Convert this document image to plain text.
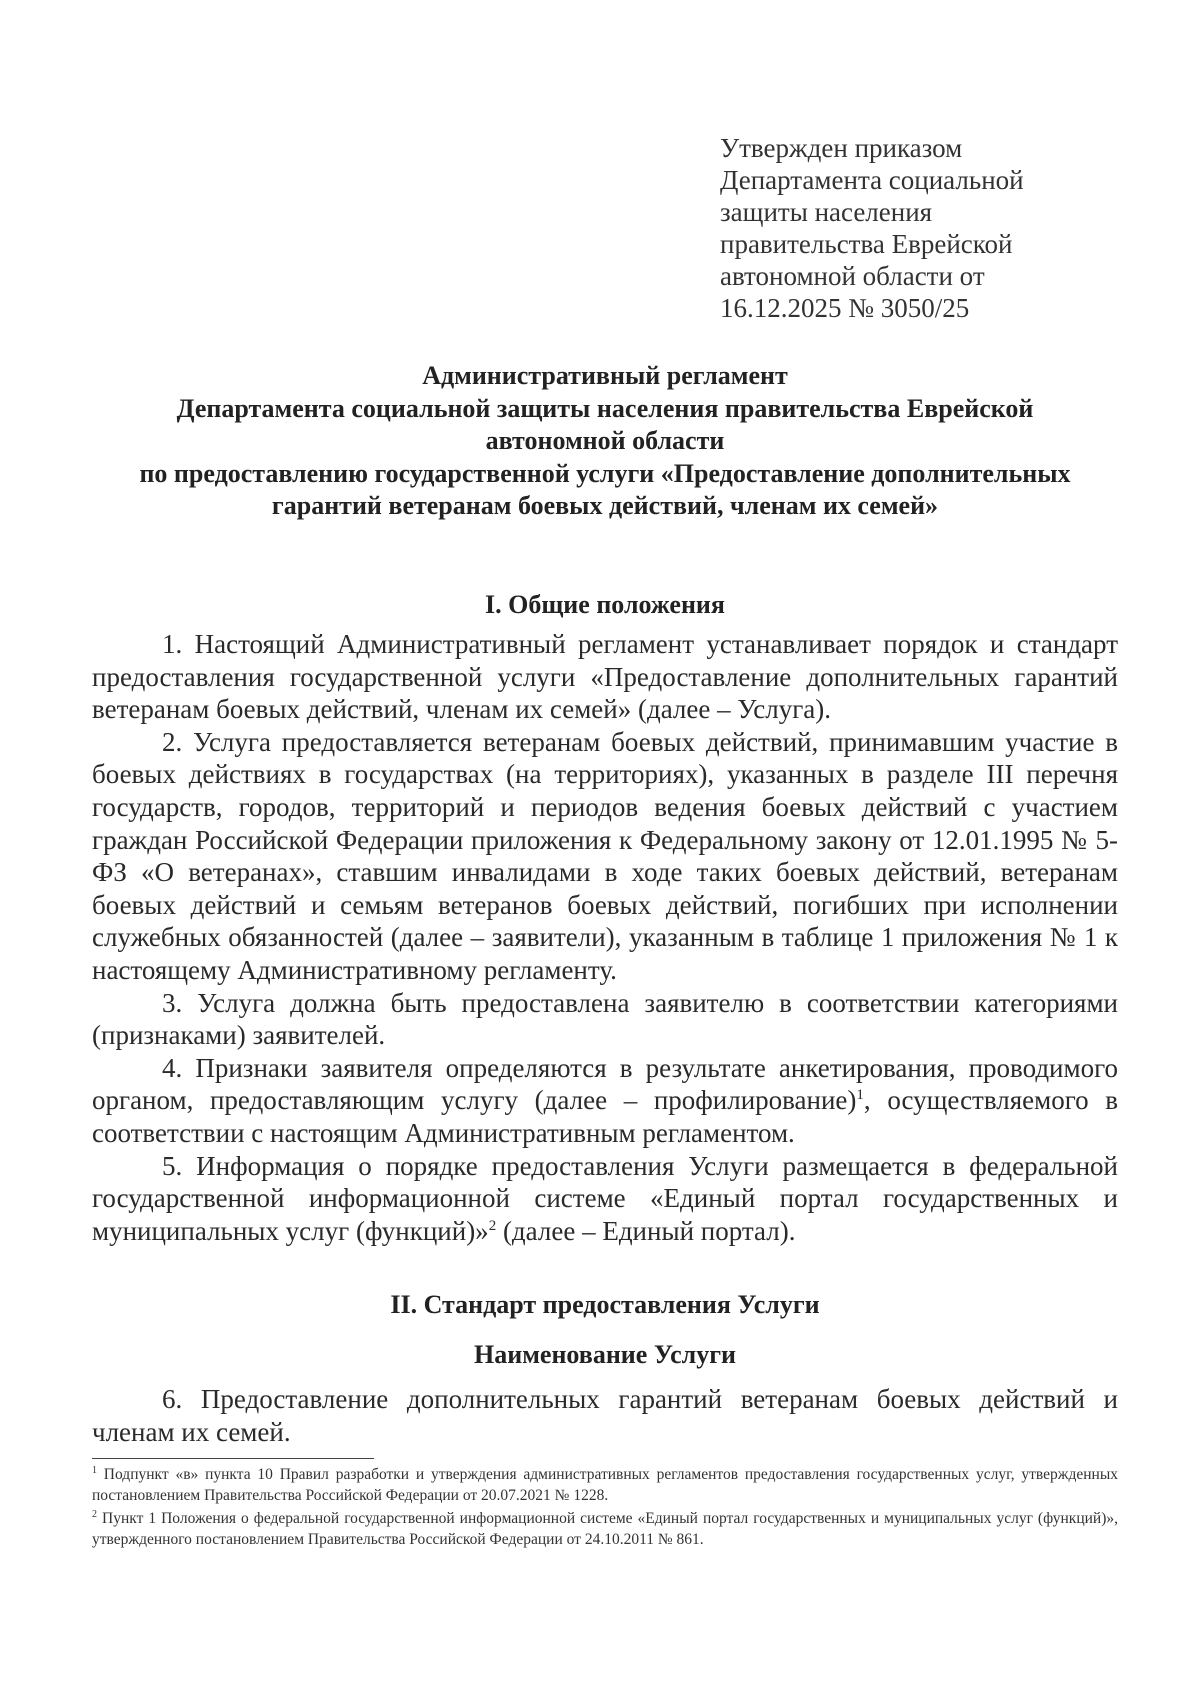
Утвержден приказом
Департамента социальной
защиты населения
правительства Еврейской
автономной области от
16.12.2025 № 3050/25
Административный регламент
Департамента социальной защиты населения правительства Еврейской
автономной области
по предоставлению государственной услуги «Предоставление дополнительных
гарантий ветеранам боевых действий, членам их семей»
I. Общие положения

1. Настоящий Административный регламент устанавливает порядок и стандарт предоставления государственной услуги «Предоставление дополнительных гарантий ветеранам боевых действий, членам их семей» (далее – Услуга).

2. Услуга предоставляется ветеранам боевых действий, принимавшим участие в боевых действиях в государствах (на территориях), указанных в разделе III перечня государств, городов, территорий и периодов ведения боевых действий с участием граждан Российской Федерации приложения к Федеральному закону от 12.01.1995 № 5-ФЗ «О ветеранах», ставшим инвалидами в ходе таких боевых действий, ветеранам боевых действий и семьям ветеранов боевых действий, погибших при исполнении служебных обязанностей (далее – заявители), указанным в таблице 1 приложения № 1 к настоящему Административному регламенту.

3. Услуга должна быть предоставлена заявителю в соответствии категориями (признаками) заявителей.

4. Признаки заявителя определяются в результате анкетирования, проводимого органом, предоставляющим услугу (далее – профилирование)$^1$, осуществляемого в соответствии с настоящим Административным регламентом.

5. Информация о порядке предоставления Услуги размещается в федеральной государственной информационной системе «Единый портал государственных и муниципальных услуг (функций)»$^2$ (далее – Единый портал).

II. Стандарт предоставления Услуги
Наименование Услуги

6. Предоставление дополнительных гарантий ветеранам боевых действий и членам их семей.

$^1$ Подпункт «в» пункта 10 Правил разработки и утверждения административных регламентов предоставления государственных услуг, утвержденных постановлением Правительства Российской Федерации от 20.07.2021 № 1228.

$^2$ Пункт 1 Положения о федеральной государственной информационной системе «Единый портал государственных и муниципальных услуг (функций)», утвержденного постановлением Правительства Российской Федерации от 24.10.2011 № 861.
